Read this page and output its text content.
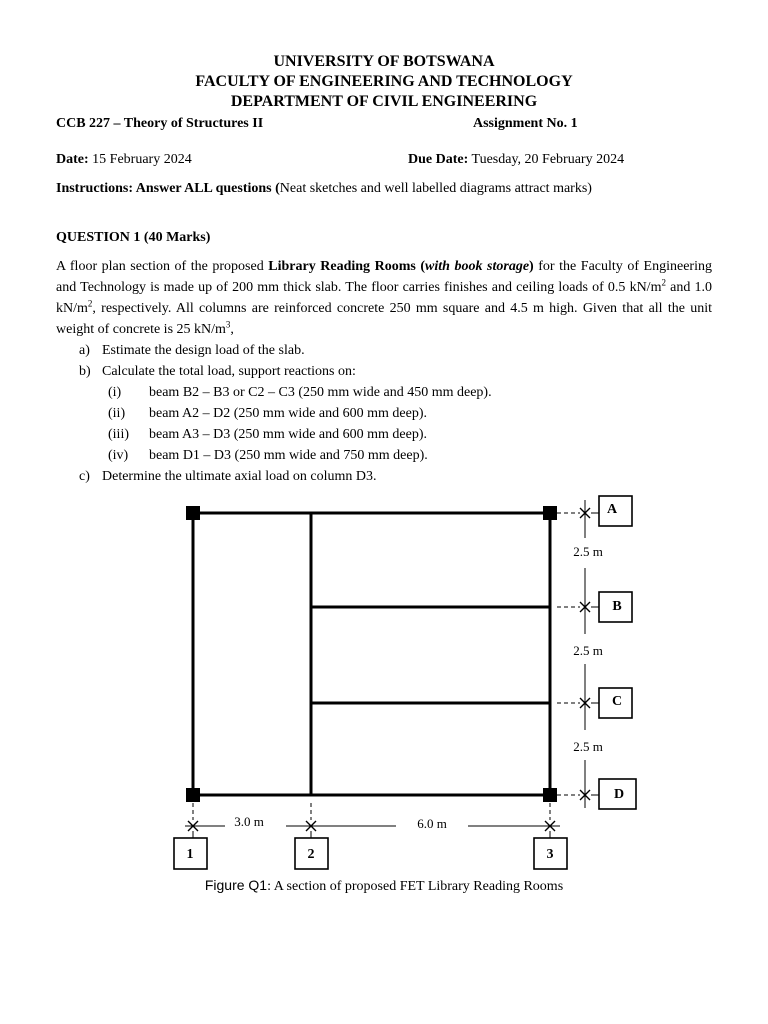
UNIVERSITY OF BOTSWANA
FACULTY OF ENGINEERING AND TECHNOLOGY
DEPARTMENT OF CIVIL ENGINEERING
CCB 227 – Theory of Structures II	Assignment No. 1
Date: 15 February 2024	Due Date: Tuesday, 20 February 2024
Instructions: Answer ALL questions (Neat sketches and well labelled diagrams attract marks)
QUESTION 1 (40 Marks)
A floor plan section of the proposed Library Reading Rooms (with book storage) for the Faculty of Engineering and Technology is made up of 200 mm thick slab. The floor carries finishes and ceiling loads of 0.5 $kN/m^2$ and 1.0 $kN/m^2$, respectively. All columns are reinforced concrete 250 mm square and 4.5 m high. Given that all the unit weight of concrete is 25 $kN/m^3$,
a) Estimate the design load of the slab.
b) Calculate the total load, support reactions on:
(i) beam B2 – B3 or C2 – C3 (250 mm wide and 450 mm deep).
(ii) beam A2 – D2 (250 mm wide and 600 mm deep).
(iii) beam A3 – D3 (250 mm wide and 600 mm deep).
(iv) beam D1 – D3 (250 mm wide and 750 mm deep).
c) Determine the ultimate axial load on column D3.
A
B
C
D
2.5 m
2.5 m
2.5 m
3.0 m	6.0 m
1	2	3
Figure Q1: A section of proposed FET Library Reading Rooms
